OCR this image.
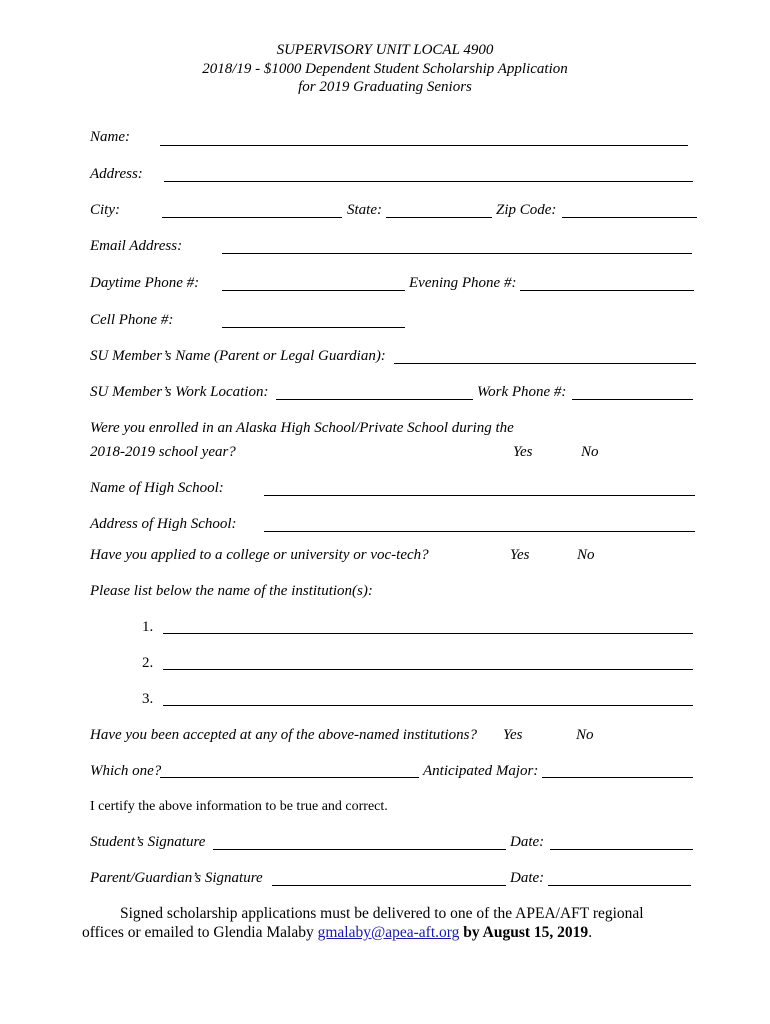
SUPERVISORY UNIT LOCAL 4900
2018/19 - $1000 Dependent Student Scholarship Application
for 2019 Graduating Seniors
Name:
Address:
City:	State:	Zip Code:
Email Address:
Daytime Phone #:	Evening Phone #:
Cell Phone #:
SU Member’s Name (Parent or Legal Guardian):
SU Member’s Work Location:	Work Phone #:
Were you enrolled in an Alaska High School/Private School during the
2018-2019 school year?	Yes	No
Name of High School:
Address of High School:
Have you applied to a college or university or voc-tech?	Yes	No
Please list below the name of the institution(s):
1.
2.
3.
Have you been accepted at any of the above-named institutions? Yes	No
Which one?	Anticipated Major:
I certify the above information to be true and correct.
Student’s Signature	Date:
Parent/Guardian’s Signature	Date:
Signed scholarship applications must be delivered to one of the APEA/AFT regional
offices or emailed to Glendia Malaby gmalaby@apea-aft.org by August 15, 2019.
